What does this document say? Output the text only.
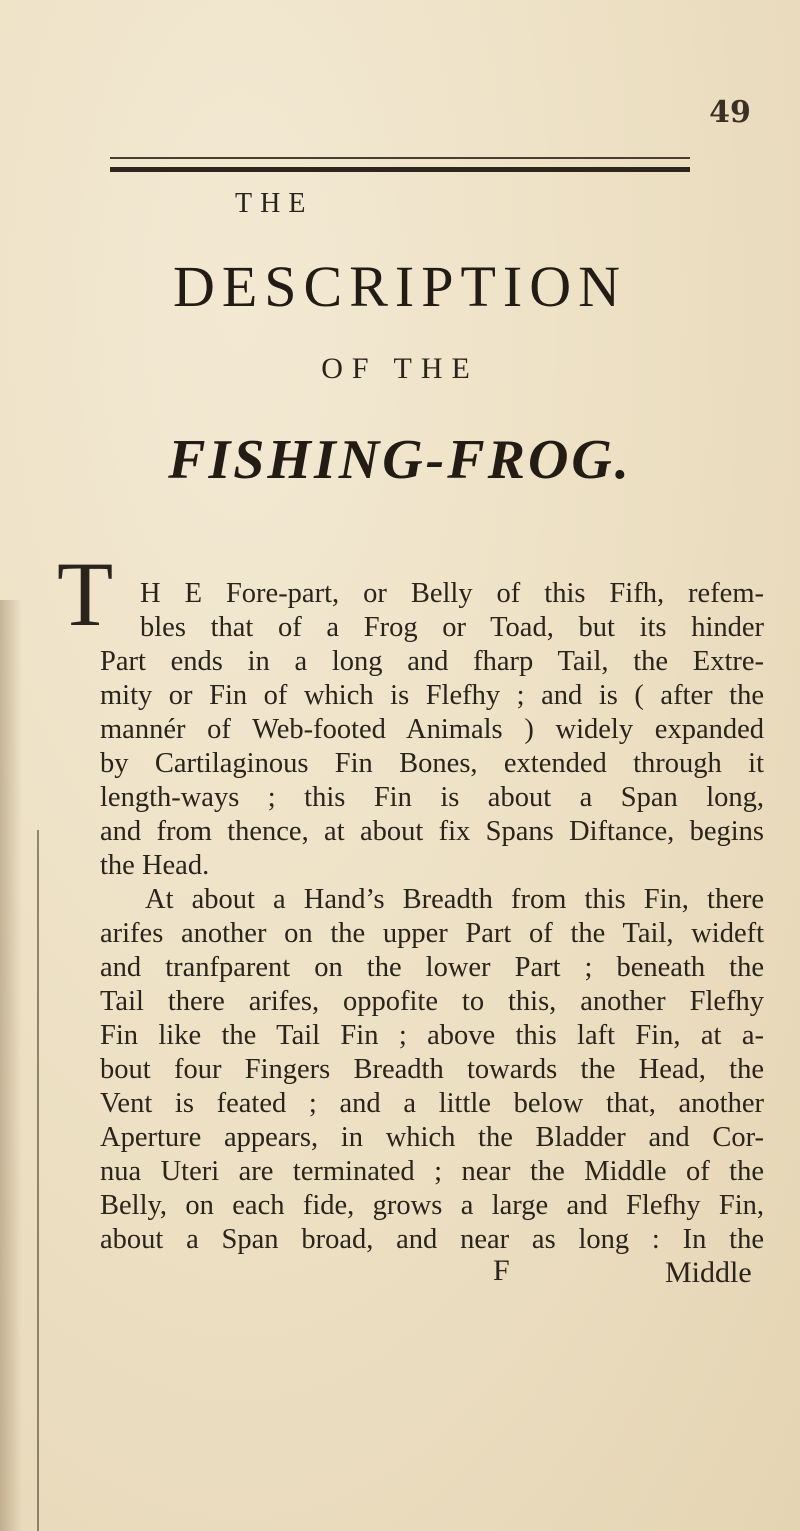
49
THE
DESCRIPTION
OF THE
FISHING-FROG.
T H E Fore-part, or Belly of this Fifh, refem-
bles that of a Frog or Toad, but its hinder
Part ends in a long and fharp Tail, the Extre-
mity or Fin of which is Flefhy ; and is ( after the
mannér of Web-footed Animals ) widely expanded
by Cartilaginous Fin Bones, extended through it
length-ways ; this Fin is about a Span long,
and from thence, at about fix Spans Diftance, begins
the Head.
At about a Hand’s Breadth from this Fin, there
arifes another on the upper Part of the Tail, wideft
and tranfparent on the lower Part ; beneath the
Tail there arifes, oppofite to this, another Flefhy
Fin like the Tail Fin ; above this laft Fin, at a-
bout four Fingers Breadth towards the Head, the
Vent is feated ; and a little below that, another
Aperture appears, in which the Bladder and Cor-
nua Uteri are terminated ; near the Middle of the
Belly, on each fide, grows a large and Flefhy Fin,
about a Span broad, and near as long : In the
F	Middle
